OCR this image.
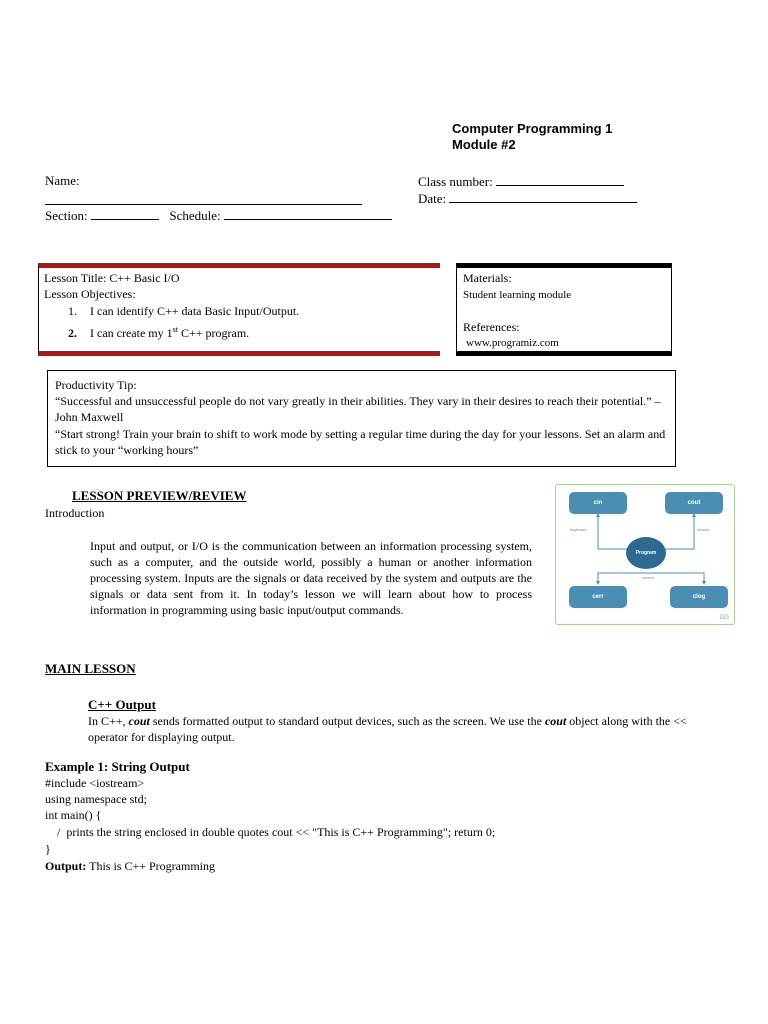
Computer Programming 1
Module #2
Name:	Class number:
Date:
Section:	Schedule:
Lesson Title: C++ Basic I/O
Lesson Objectives:
1. I can identify C++ data Basic Input/Output.
2. I can create my 1st C++ program.
Materials:
Student learning module
References:
www.programiz.com
Productivity Tip:
“Successful and unsuccessful people do not vary greatly in their abilities. They vary in their desires to reach their potential.” – John Maxwell
“Start strong! Train your brain to shift to work mode by setting a regular time during the day for your lessons. Set an alarm and stick to your “working hours”
LESSON PREVIEW/REVIEW
Introduction
Input and output, or I/O is the communication between an information processing system, such as a computer, and the outside world, possibly a human or another information processing system. Inputs are the signals or data received by the system and outputs are the signals or data sent from it. In today’s lesson we will learn about how to process information in programming using basic input/output commands.
cin	cout
cerr	clog
Program
keyboard	screen
screen
DG
MAIN LESSON
C++ Output
In C++, cout sends formatted output to standard output devices, such as the screen. We use the cout object along with the << operator for displaying output.
Example 1: String Output
#include <iostream>
using namespace std;
int main() {
/  prints the string enclosed in double quotes cout << "This is C++ Programming"; return 0;
}
Output: This is C++ Programming
